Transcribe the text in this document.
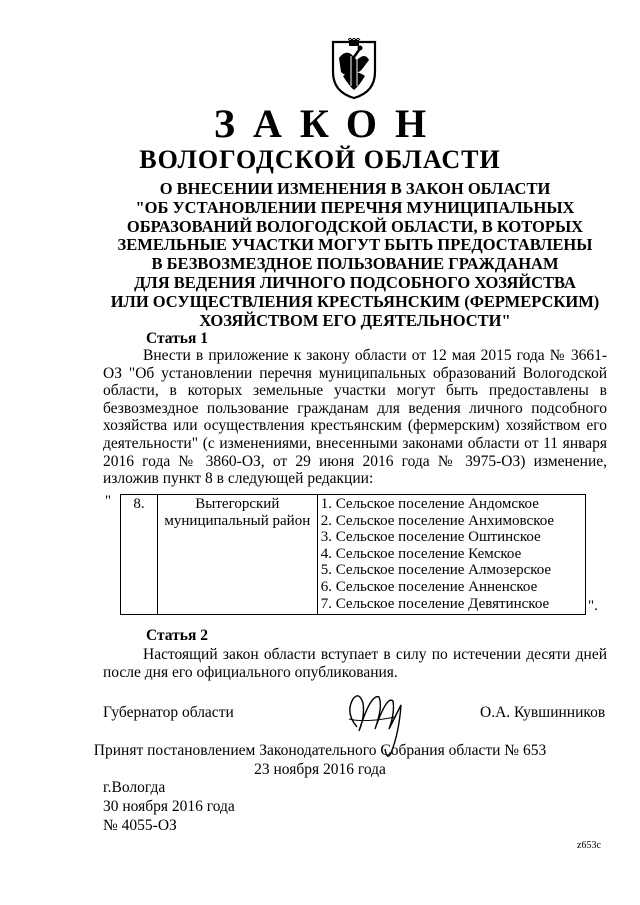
ЗАКОН
ВОЛОГОДСКОЙ ОБЛАСТИ
О ВНЕСЕНИИ ИЗМЕНЕНИЯ В ЗАКОН ОБЛАСТИ
"ОБ УСТАНОВЛЕНИИ ПЕРЕЧНЯ МУНИЦИПАЛЬНЫХ
ОБРАЗОВАНИЙ ВОЛОГОДСКОЙ ОБЛАСТИ, В КОТОРЫХ
ЗЕМЕЛЬНЫЕ УЧАСТКИ МОГУТ БЫТЬ ПРЕДОСТАВЛЕНЫ
В БЕЗВОЗМЕЗДНОЕ ПОЛЬЗОВАНИЕ ГРАЖДАНАМ
ДЛЯ ВЕДЕНИЯ ЛИЧНОГО ПОДСОБНОГО ХОЗЯЙСТВА
ИЛИ ОСУЩЕСТВЛЕНИЯ КРЕСТЬЯНСКИМ (ФЕРМЕРСКИМ)
ХОЗЯЙСТВОМ ЕГО ДЕЯТЕЛЬНОСТИ"
Статья 1
Внести в приложение к закону области от 12 мая 2015 года № 3661-ОЗ "Об установлении перечня муниципальных образований Вологодской области, в которых земельные участки могут быть предоставлены в безвозмездное пользование гражданам для ведения личного подсобного хозяйства или осуществления крестьянским (фермерским) хозяйством его деятельности" (с изменениями, внесенными законами области от 11 января 2016 года № 3860-ОЗ, от 29 июня 2016 года № 3975-ОЗ) изменение, изложив пункт 8 в следующей редакции:
" 8.	Вытегорский муниципальный район	
1. Сельское поселение Андомское
2. Сельское поселение Анхимовское
3. Сельское поселение Оштинское
4. Сельское поселение Кемское
5. Сельское поселение Алмозерское
6. Сельское поселение Анненское
7. Сельское поселение Девятинское	".
Статья 2
Настоящий закон области вступает в силу по истечении десяти дней после дня его официального опубликования.
Губернатор области	О.А. Кувшинников
Принят постановлением Законодательного Собрания области № 653
23 ноября 2016 года
г.Вологда
30 ноября 2016 года
№ 4055-ОЗ
z653c
